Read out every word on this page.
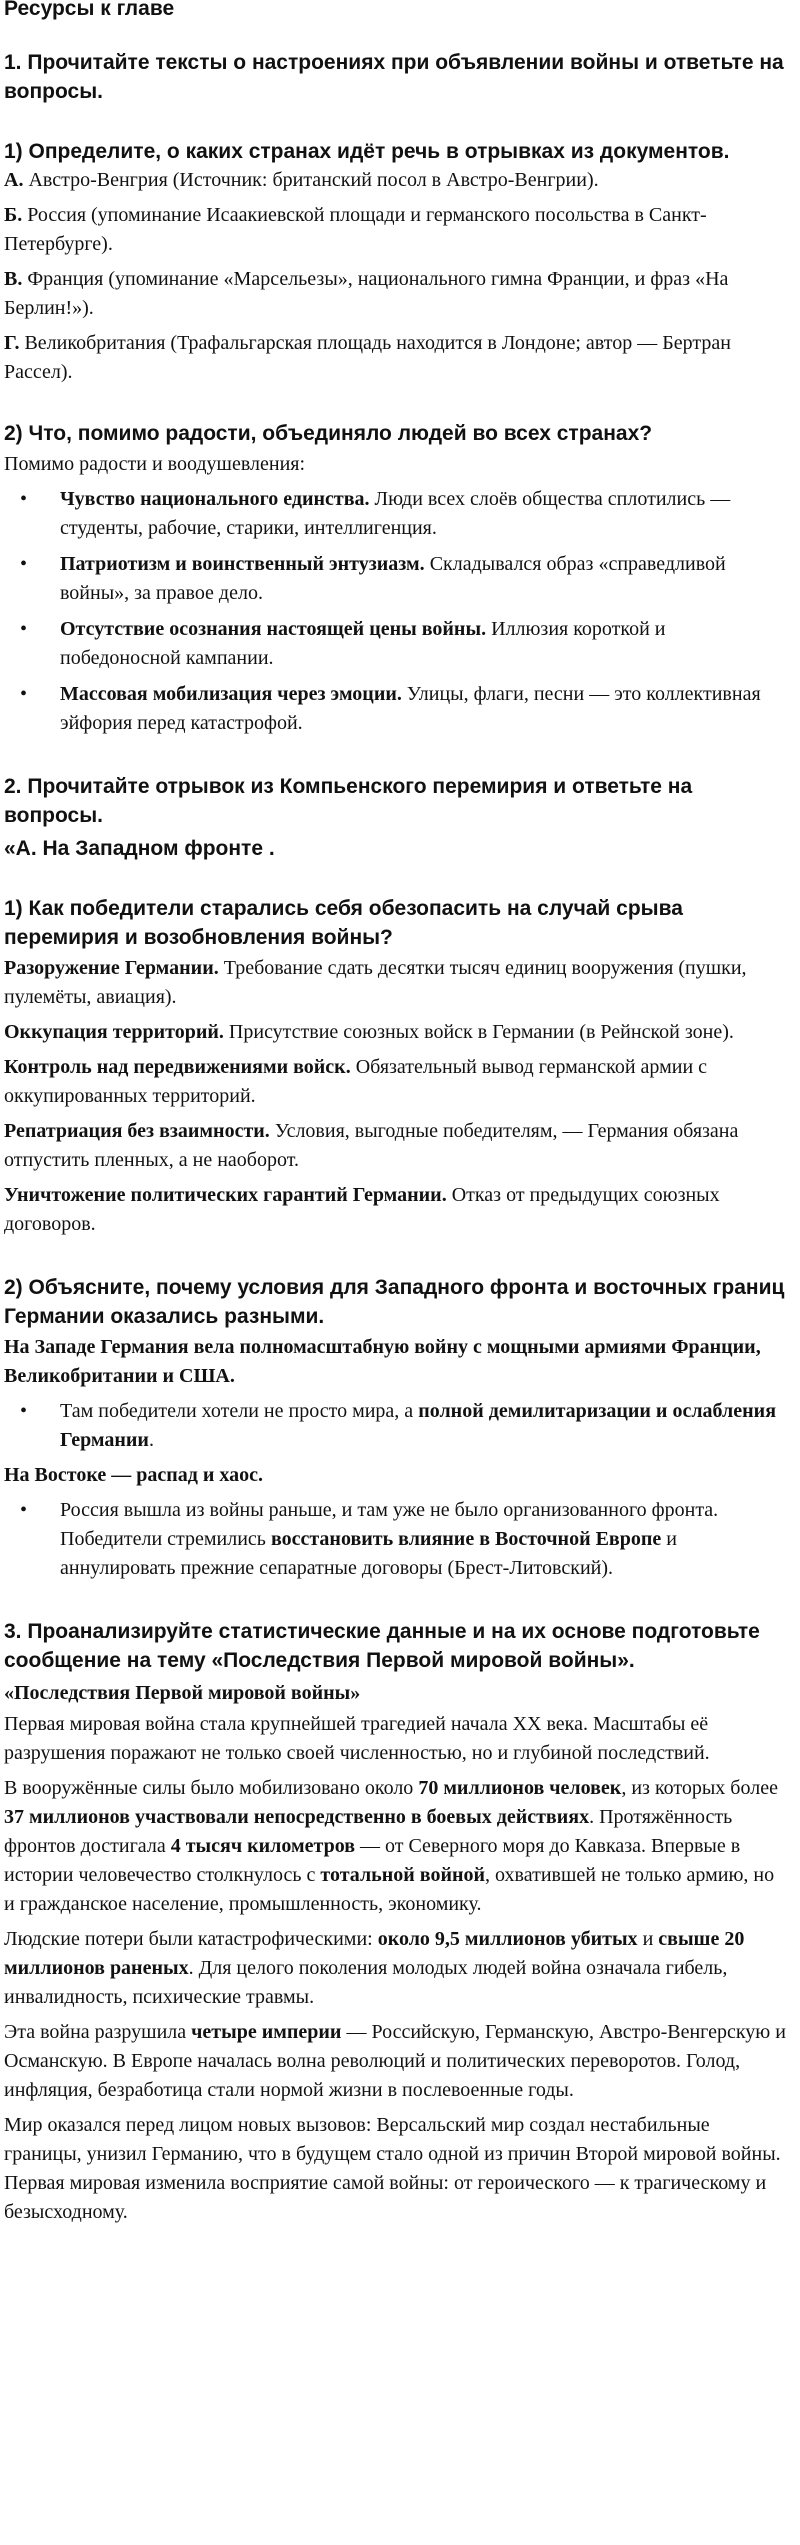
Ресурсы к главе
1. Прочитайте тексты о настроениях при объявлении войны и ответьте на вопросы.
1) Определите, о каких странах идёт речь в отрывках из документов.

А. Австро-Венгрия (Источник: британский посол в Австро-Венгрии).

Б. Россия (упоминание Исаакиевской площади и германского посольства в Санкт-Петербурге).

В. Франция (упоминание «Марсельезы», национального гимна Франции, и фраз «На Берлин!»).

Г. Великобритания (Трафальгарская площадь находится в Лондоне; автор — Бертран Рассел).

2) Что, помимо радости, объединяло людей во всех странах?

Помимо радости и воодушевления:

• Чувство национального единства. Люди всех слоёв общества сплотились — студенты, рабочие, старики, интеллигенция.
• Патриотизм и воинственный энтузиазм. Складывался образ «справедливой войны», за правое дело.
• Отсутствие осознания настоящей цены войны. Иллюзия короткой и победоносной кампании.
• Массовая мобилизация через эмоции. Улицы, флаги, песни — это коллективная эйфория перед катастрофой.
2. Прочитайте отрывок из Компьенского перемирия и ответьте на вопросы.
«А. На Западном фронте .
1) Как победители старались себя обезопасить на случай срыва перемирия и возобновления войны?

Разоружение Германии. Требование сдать десятки тысяч единиц вооружения (пушки, пулемёты, авиация).

Оккупация территорий. Присутствие союзных войск в Германии (в Рейнской зоне).

Контроль над передвижениями войск. Обязательный вывод германской армии с оккупированных территорий.

Репатриация без взаимности. Условия, выгодные победителям, — Германия обязана отпустить пленных, а не наоборот.

Уничтожение политических гарантий Германии. Отказ от предыдущих союзных договоров.

2) Объясните, почему условия для Западного фронта и восточных границ Германии оказались разными.

На Западе Германия вела полномасштабную войну с мощными армиями Франции, Великобритании и США.

• Там победители хотели не просто мира, а полной демилитаризации и ослабления Германии.

На Востоке — распад и хаос.

• Россия вышла из войны раньше, и там уже не было организованного фронта. Победители стремились восстановить влияние в Восточной Европе и аннулировать прежние сепаратные договоры (Брест-Литовский).
3. Проанализируйте статистические данные и на их основе подготовьте сообщение на тему «Последствия Первой мировой войны».

«Последствия Первой мировой войны»

Первая мировая война стала крупнейшей трагедией начала XX века. Масштабы её разрушения поражают не только своей численностью, но и глубиной последствий.

В вооружённые силы было мобилизовано около 70 миллионов человек, из которых более 37 миллионов участвовали непосредственно в боевых действиях. Протяжённость фронтов достигала 4 тысяч километров — от Северного моря до Кавказа. Впервые в истории человечество столкнулось с тотальной войной, охватившей не только армию, но и гражданское население, промышленность, экономику.

Людские потери были катастрофическими: около 9,5 миллионов убитых и свыше 20 миллионов раненых. Для целого поколения молодых людей война означала гибель, инвалидность, психические травмы.

Эта война разрушила четыре империи — Российскую, Германскую, Австро-Венгерскую и Османскую. В Европе началась волна революций и политических переворотов. Голод, инфляция, безработица стали нормой жизни в послевоенные годы.

Мир оказался перед лицом новых вызовов: Версальский мир создал нестабильные границы, унизил Германию, что в будущем стало одной из причин Второй мировой войны. Первая мировая изменила восприятие самой войны: от героического — к трагическому и безысходному.
